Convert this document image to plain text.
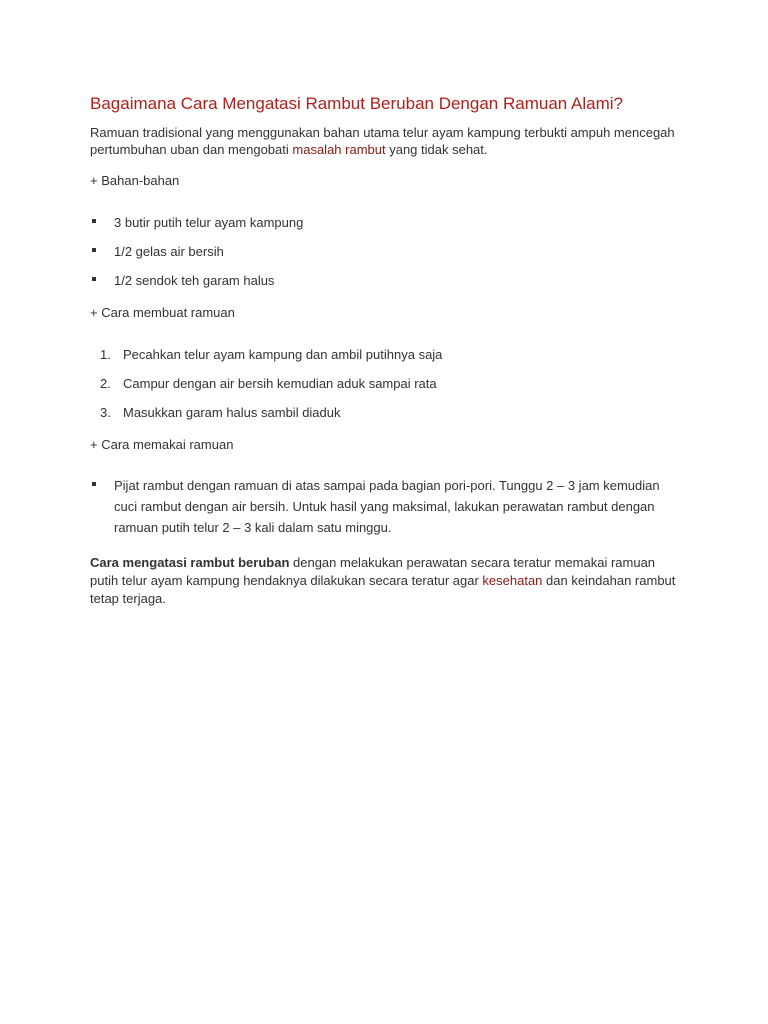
Bagaimana Cara Mengatasi Rambut Beruban Dengan Ramuan Alami?

Ramuan tradisional yang menggunakan bahan utama telur ayam kampung terbukti ampuh mencegah pertumbuhan uban dan mengobati masalah rambut yang tidak sehat.

+ Bahan-bahan

3 butir putih telur ayam kampung
1/2 gelas air bersih
1/2 sendok teh garam halus

+ Cara membuat ramuan

1. Pecahkan telur ayam kampung dan ambil putihnya saja
2. Campur dengan air bersih kemudian aduk sampai rata
3. Masukkan garam halus sambil diaduk

+ Cara memakai ramuan

Pijat rambut dengan ramuan di atas sampai pada bagian pori-pori. Tunggu 2 – 3 jam kemudian cuci rambut dengan air bersih. Untuk hasil yang maksimal, lakukan perawatan rambut dengan ramuan putih telur 2 – 3 kali dalam satu minggu.

Cara mengatasi rambut beruban dengan melakukan perawatan secara teratur memakai ramuan putih telur ayam kampung hendaknya dilakukan secara teratur agar kesehatan dan keindahan rambut tetap terjaga.
